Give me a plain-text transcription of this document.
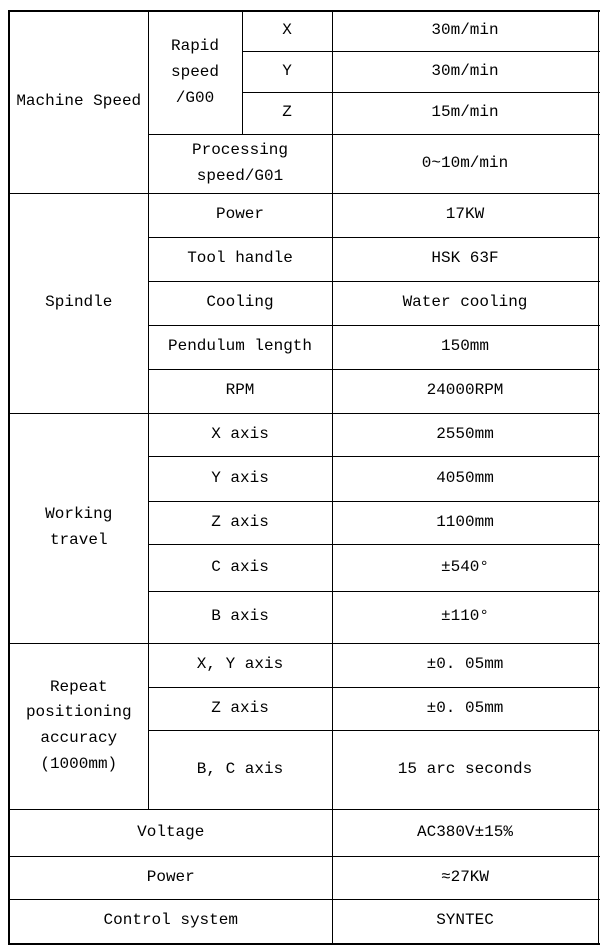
Machine Speed	Rapid speed /G00	X	30m/min	
		Y	30m/min	
		Z	15m/min	
	Processing speed/G01		0~10m/min	
Spindle	Power		17KW	
	Tool handle		HSK 63F	
	Cooling		Water cooling	
	Pendulum length		150mm	
	RPM		24000RPM	
Working travel	X axis		2550mm	
	Y axis		4050mm	
	Z axis		1100mm	
	C axis		±540°	
	B axis		±110°	
Repeat positioning accuracy (1000mm)	X, Y axis		±0. 05mm	
	Z axis		±0. 05mm	
	B, C axis		15 arc seconds	
Voltage			AC380V±15%	
Power			≈27KW	
Control system			SYNTEC	
